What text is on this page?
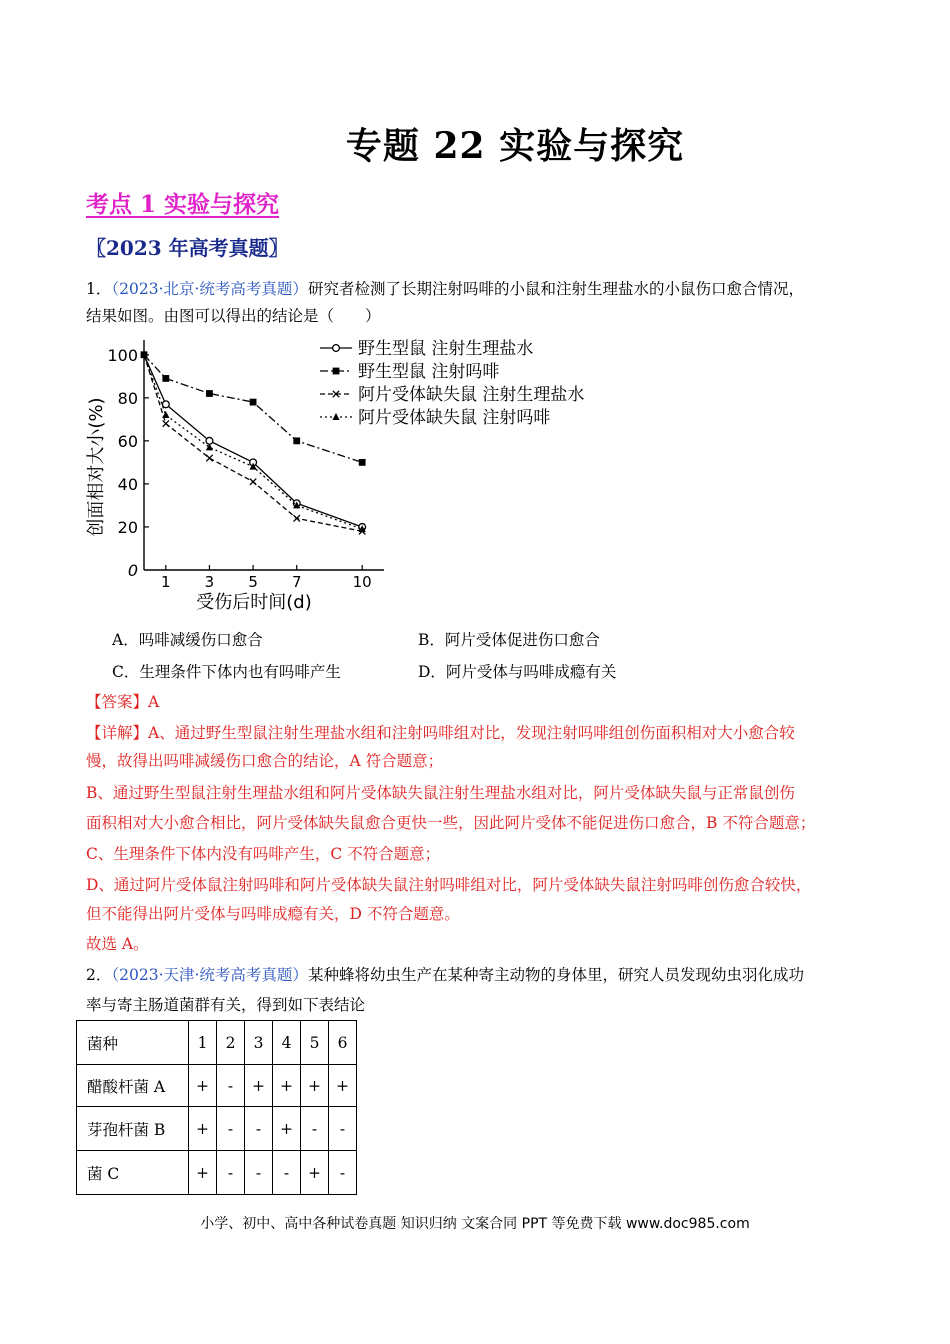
专题 22 实验与探究
考点 1 实验与探究
〖2023 年高考真题〗
1．（2023·北京·统考高考真题）研究者检测了长期注射吗啡的小鼠和注射生理盐水的小鼠伤口愈合情况，
结果如图。由图可以得出的结论是（　　）
0
20
40
60
80
100
1 3 5 7	10
受伤后时间(d)
创面相对大小(%)
野生型鼠 注射生理盐水
野生型鼠 注射吗啡
阿片受体缺失鼠 注射生理盐水
阿片受体缺失鼠 注射吗啡
A．吗啡减缓伤口愈合	B．阿片受体促进伤口愈合
C．生理条件下体内也有吗啡产生	D．阿片受体与吗啡成瘾有关
【答案】A
【详解】A、通过野生型鼠注射生理盐水组和注射吗啡组对比，发现注射吗啡组创伤面积相对大小愈合较
慢，故得出吗啡减缓伤口愈合的结论，A 符合题意；
B、通过野生型鼠注射生理盐水组和阿片受体缺失鼠注射生理盐水组对比，阿片受体缺失鼠与正常鼠创伤
面积相对大小愈合相比，阿片受体缺失鼠愈合更快一些，因此阿片受体不能促进伤口愈合，B 不符合题意；
C、生理条件下体内没有吗啡产生，C 不符合题意；
D、通过阿片受体鼠注射吗啡和阿片受体缺失鼠注射吗啡组对比，阿片受体缺失鼠注射吗啡创伤愈合较快，
但不能得出阿片受体与吗啡成瘾有关，D 不符合题意。
故选 A。
2．（2023·天津·统考高考真题）某种蜂将幼虫生产在某种寄主动物的身体里，研究人员发现幼虫羽化成功
率与寄主肠道菌群有关，得到如下表结论
菌种	1	2	3	4	5	6
醋酸杆菌 A	+	-	+	+	+	+
芽孢杆菌 B	+	-	-	+	-	-
菌 C	+	-	-	-	+	-
小学、初中、高中各种试卷真题 知识归纳 文案合同 PPT 等免费下载 www.doc985.com
